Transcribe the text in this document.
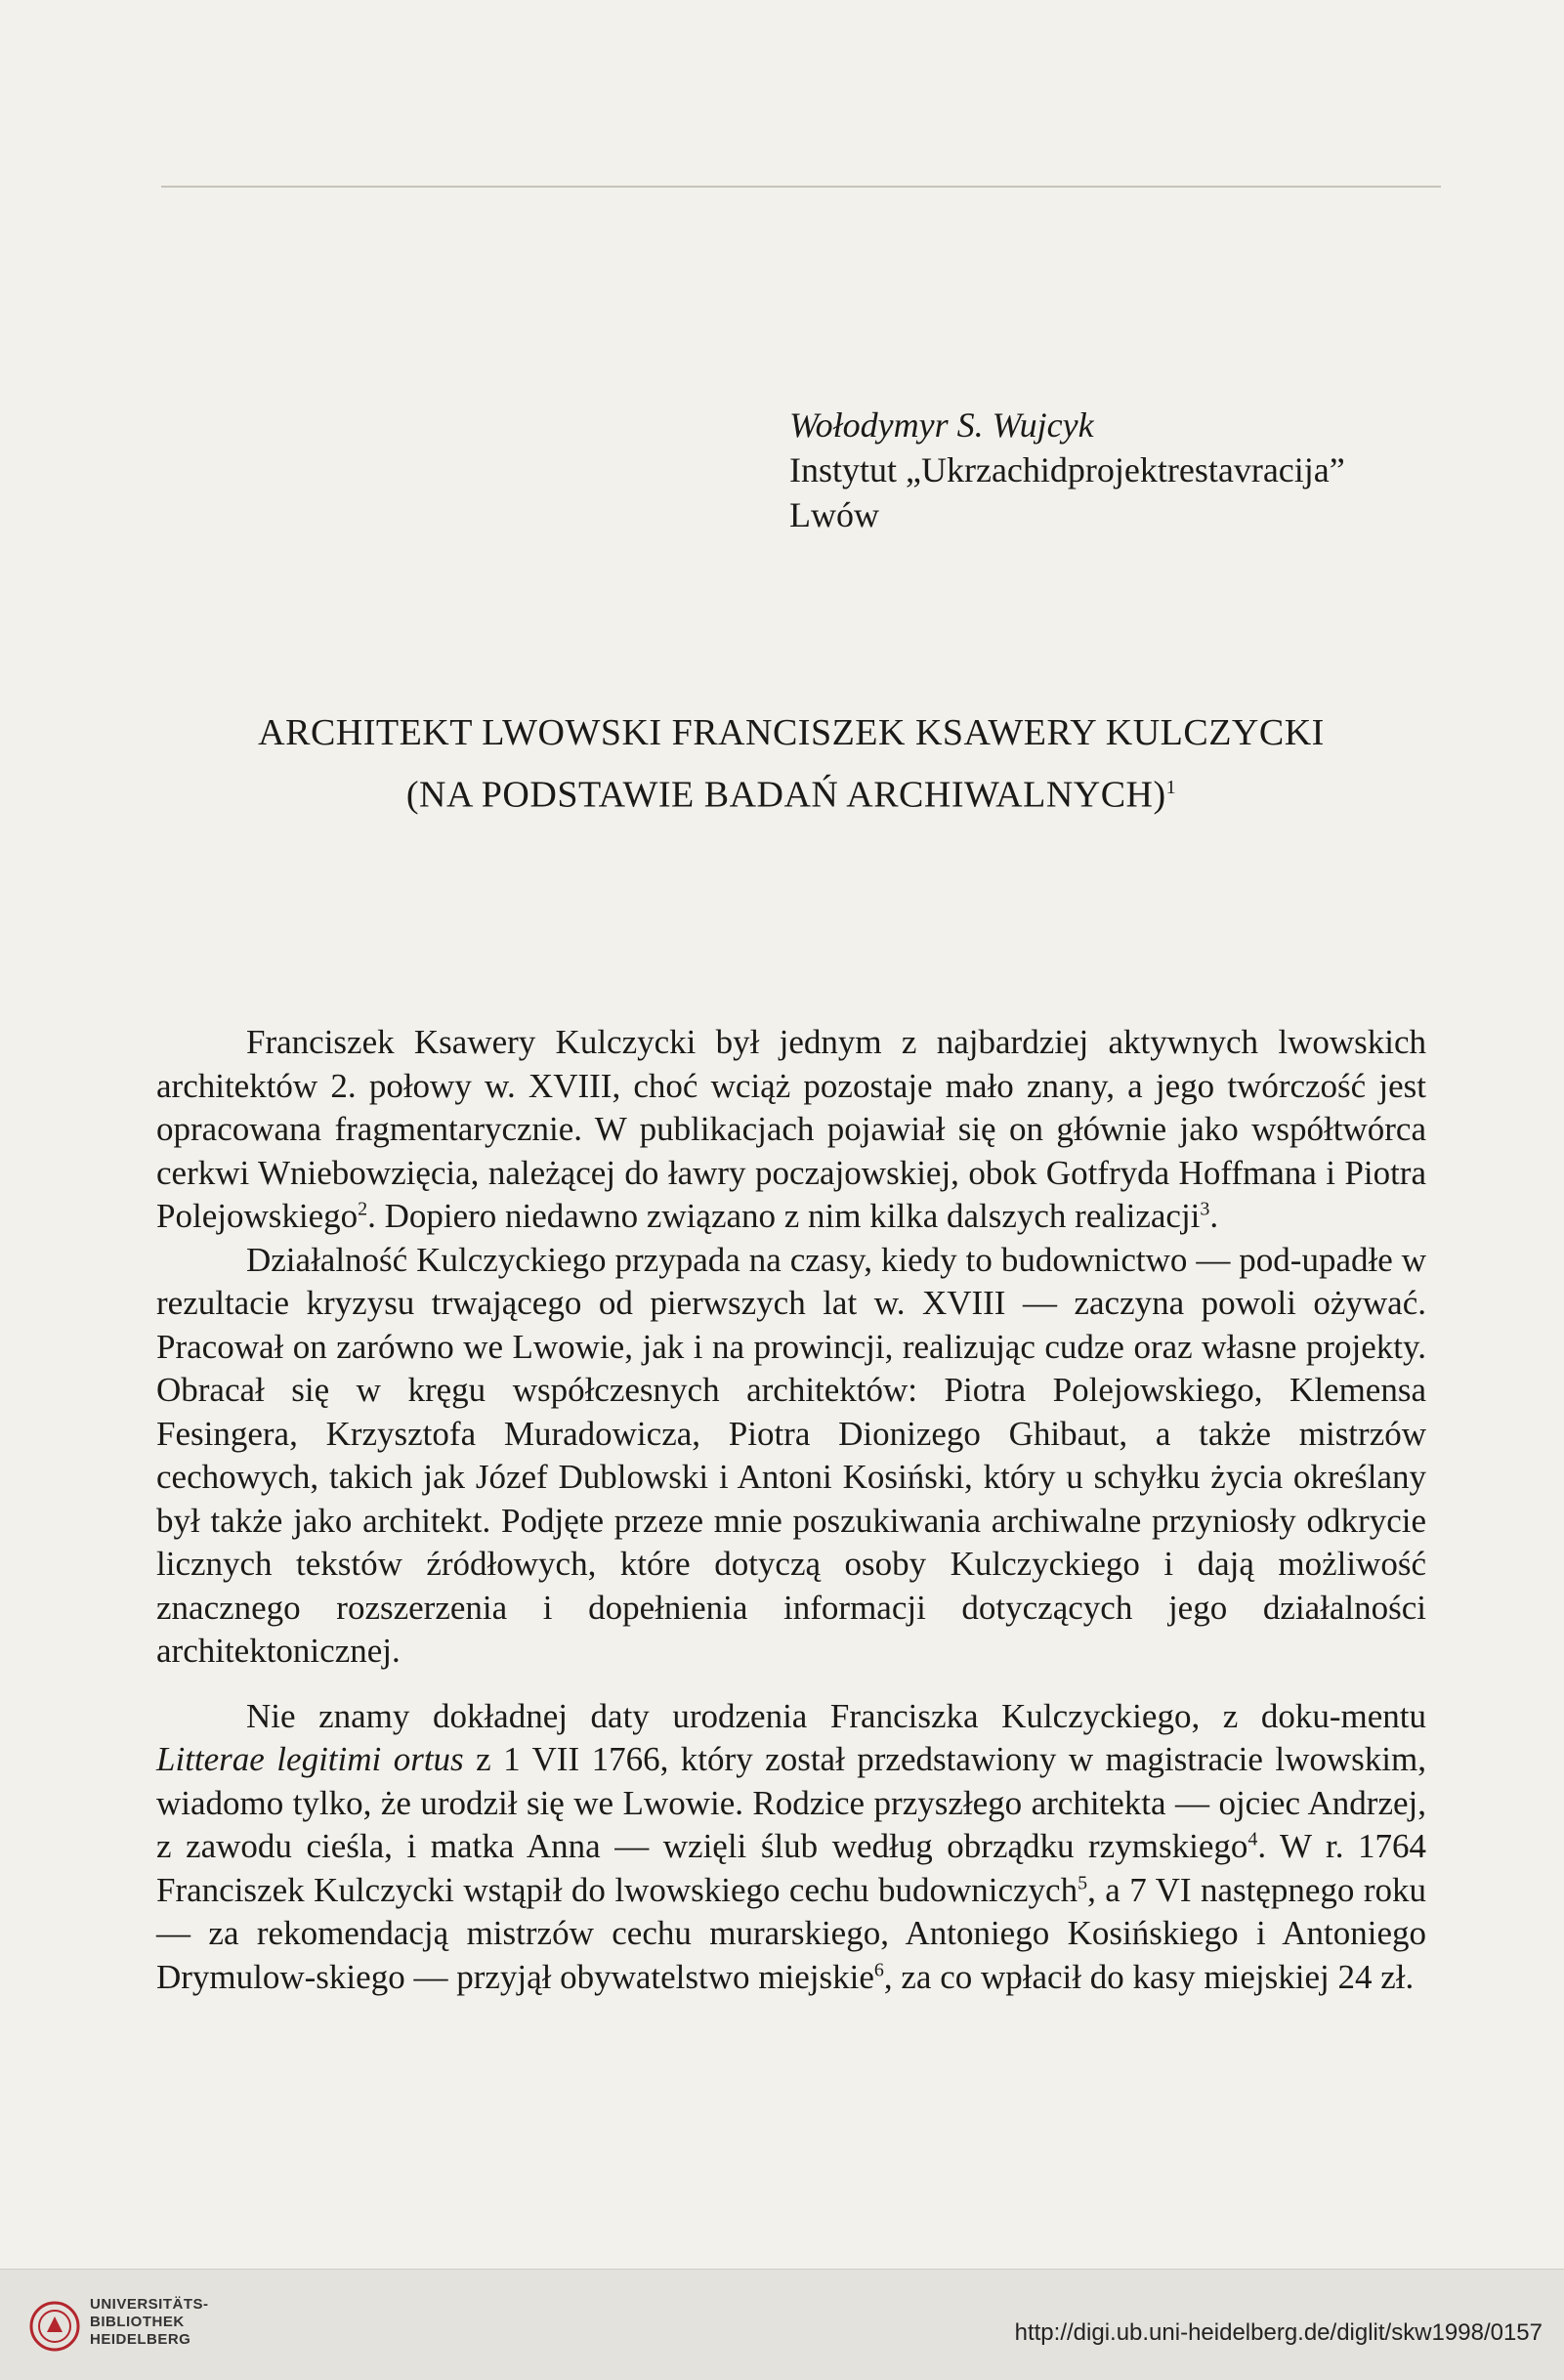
Wołodymyr S. Wujcyk
Instytut „Ukrzachidprojektrestavracija”
Lwów
ARCHITEKT LWOWSKI FRANCISZEK KSAWERY KULCZYCKI
(NA PODSTAWIE BADAŃ ARCHIWALNYCH)$^1$

Franciszek Ksawery Kulczycki był jednym z najbardziej aktywnych lwowskich architektów 2. połowy w. XVIII, choć wciąż pozostaje mało znany, a jego twórczość jest opracowana fragmentarycznie. W publikacjach pojawiał się on głównie jako współtwórca cerkwi Wniebowzięcia, należącej do ławry poczajowskiej, obok Gotfryda Hoffmana i Piotra Polejowskiego$^2$. Dopiero niedawno związano z nim kilka dalszych realizacji$^3$.

Działalność Kulczyckiego przypada na czasy, kiedy to budownictwo — pod-upadłe w rezultacie kryzysu trwającego od pierwszych lat w. XVIII — zaczyna powoli ożywać. Pracował on zarówno we Lwowie, jak i na prowincji, realizując cudze oraz własne projekty. Obracał się w kręgu współczesnych architektów: Piotra Polejowskiego, Klemensa Fesingera, Krzysztofa Muradowicza, Piotra Dionizego Ghibaut, a także mistrzów cechowych, takich jak Józef Dublowski i Antoni Kosiński, który u schyłku życia określany był także jako architekt. Podjęte przeze mnie poszukiwania archiwalne przyniosły odkrycie licznych tekstów źródłowych, które dotyczą osoby Kulczyckiego i dają możliwość znacznego rozszerzenia i dopełnienia informacji dotyczących jego działalności architektonicznej.

Nie znamy dokładnej daty urodzenia Franciszka Kulczyckiego, z doku-mentu Litterae legitimi ortus z 1 VII 1766, który został przedstawiony w magistracie lwowskim, wiadomo tylko, że urodził się we Lwowie. Rodzice przyszłego architekta — ojciec Andrzej, z zawodu cieśla, i matka Anna — wzięli ślub według obrządku rzymskiego$^4$. W r. 1764 Franciszek Kulczycki wstąpił do lwowskiego cechu budowniczych$^5$, a 7 VI następnego roku — za rekomendacją mistrzów cechu murarskiego, Antoniego Kosińskiego i Antoniego Drymulow-skiego — przyjął obywatelstwo miejskie$^6$, za co wpłacił do kasy miejskiej 24 zł.

UNIVERSITÄTS-
BIBLIOTHEK
HEIDELBERG	http://digi.ub.uni-heidelberg.de/diglit/skw1998/0157
